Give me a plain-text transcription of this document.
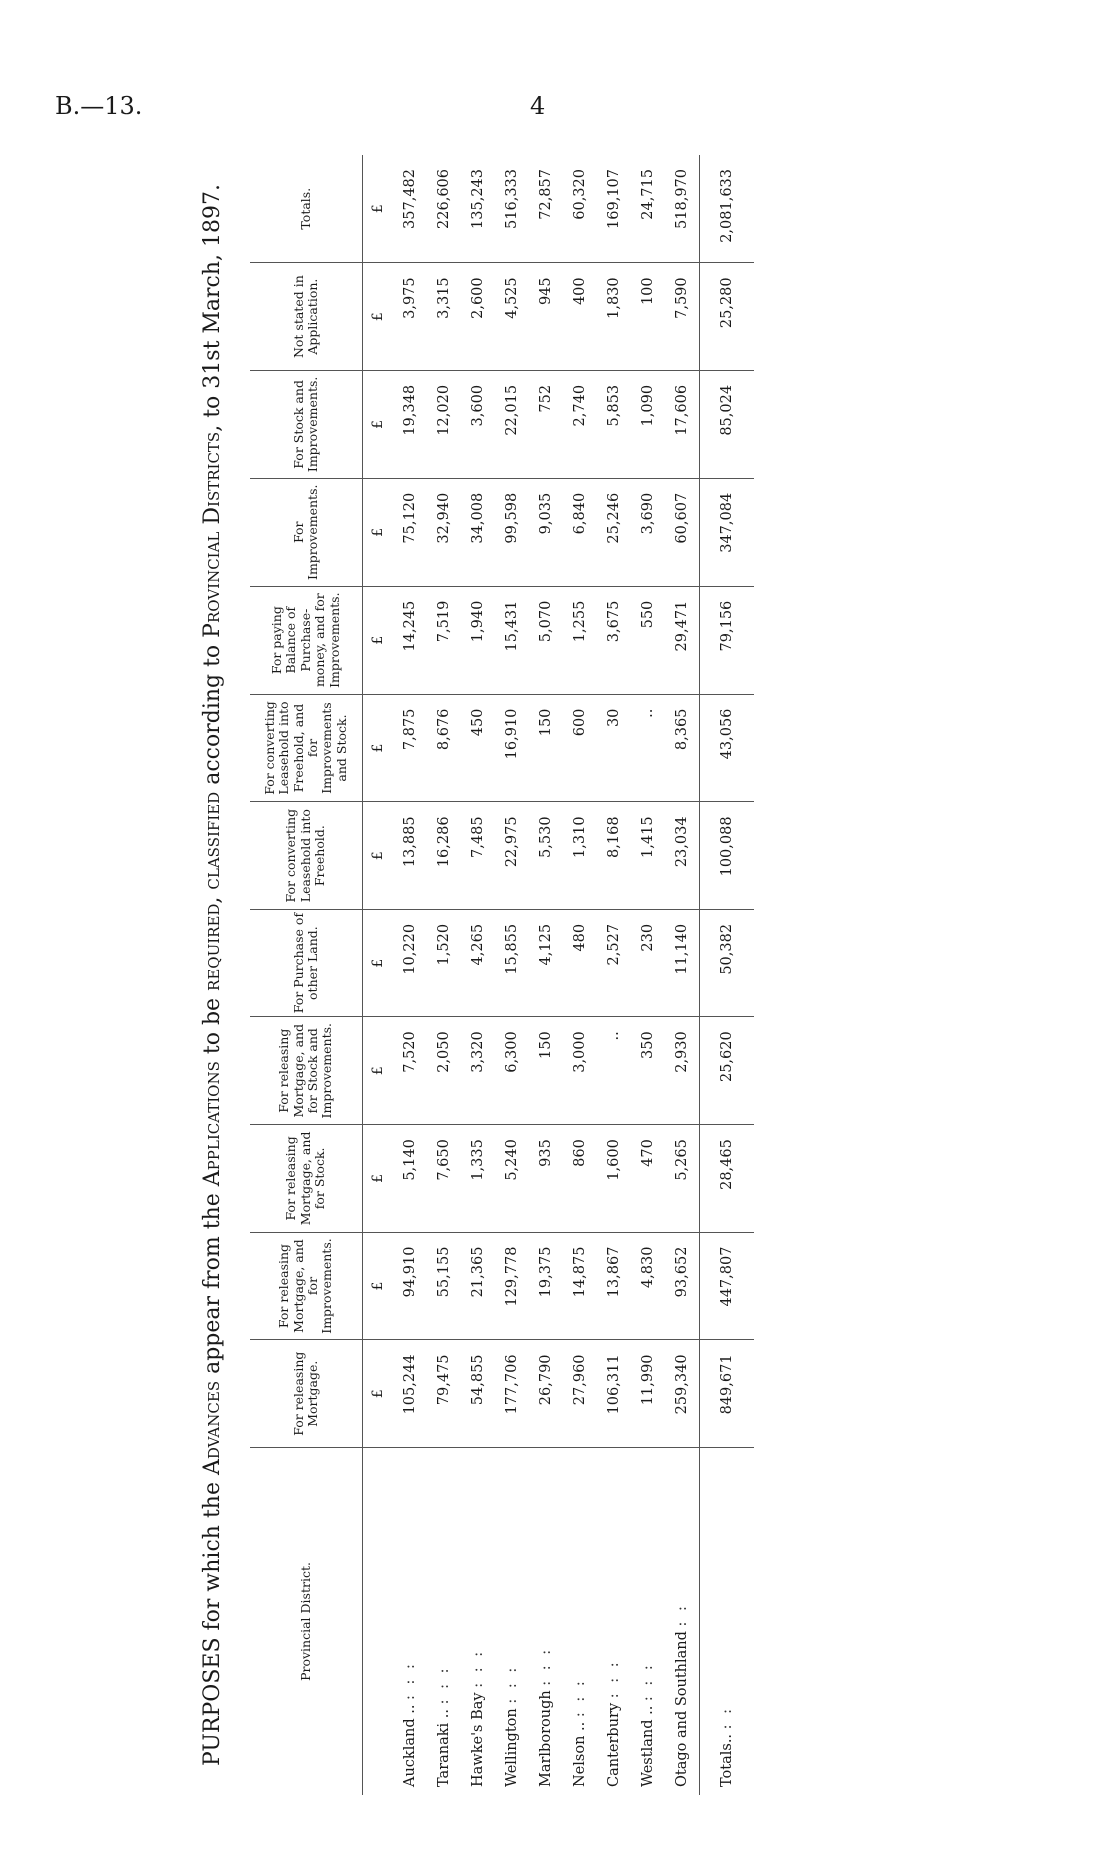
B.—13.	4
PURPOSES for which the Advances appear from the Applications to be required, classified according to Provincial Districts, to 31st March, 1897.
Provincial District.	For releasing Mortgage.	For releasing Mortgage, and for Improvements.	For releasing Mortgage, and for Stock.	For releasing Mortgage, and for Stock and Improvements.	For Purchase of other Land.	For converting Leasehold into Freehold.	For converting Leasehold into Freehold, and for Improvements and Stock.	For paying Balance of Purchase-money, and for Improvements.	For Improvements.	For Stock and Improvements.	Not stated in Application.	Totals.
	£	£	£	£	£	£	£	£	£	£	£	£
Auckland .. : : :	105,244	94,910	5,140	7,520	10,220	13,885	7,875	14,245	75,120	19,348	3,975	357,482
Taranaki .. : : :	79,475	55,155	7,650	2,050	1,520	16,286	8,676	7,519	32,940	12,020	3,315	226,606
Hawke's Bay : : :	54,855	21,365	1,335	3,320	4,265	7,485	450	1,940	34,008	3,600	2,600	135,243
Wellington : : :	177,706	129,778	5,240	6,300	15,855	22,975	16,910	15,431	99,598	22,015	4,525	516,333
Marlborough : : :	26,790	19,375	935	150	4,125	5,530	150	5,070	9,035	752	945	72,857
Nelson .. : : :	27,960	14,875	860	3,000	480	1,310	600	1,255	6,840	2,740	400	60,320
Canterbury : : :	106,311	13,867	1,600	..	2,527	8,168	30	3,675	25,246	5,853	1,830	169,107
Westland .. : : :	11,990	4,830	470	350	230	1,415	..	550	3,690	1,090	100	24,715
Otago and Southland : :	259,340	93,652	5,265	2,930	11,140	23,034	8,365	29,471	60,607	17,606	7,590	518,970
Totals.. : :	849,671	447,807	28,465	25,620	50,382	100,088	43,056	79,156	347,084	85,024	25,280	2,081,633
